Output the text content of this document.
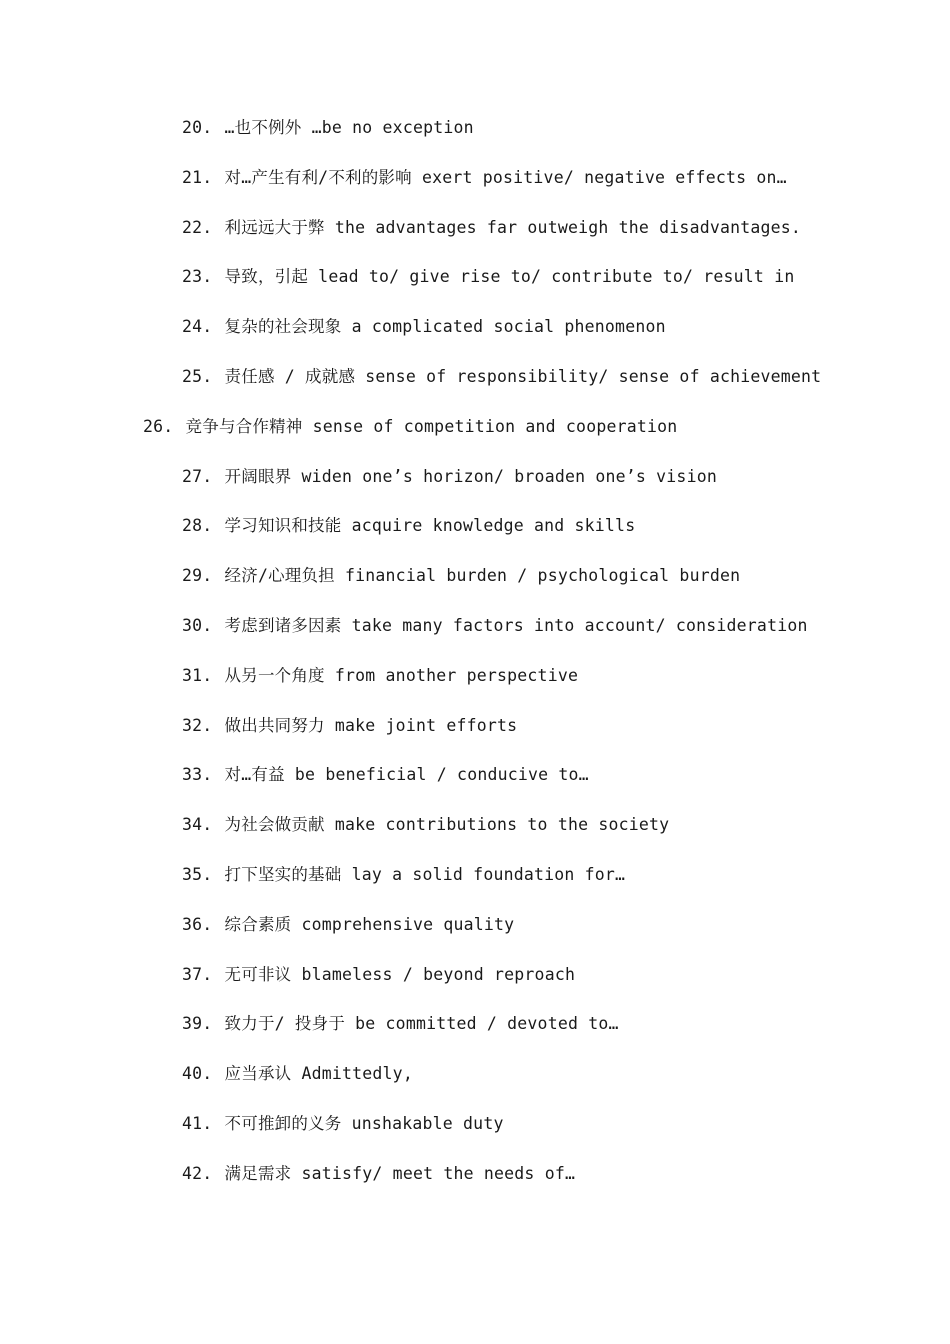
20. …也不例外 …be no exception
21. 对…产生有利/不利的影响 exert positive/ negative effects on…
22. 利远远大于弊 the advantages far outweigh the disadvantages.
23. 导致，引起 lead to/ give rise to/ contribute to/ result in
24. 复杂的社会现象 a complicated social phenomenon
25. 责任感 / 成就感 sense of responsibility/ sense of achievement
26. 竞争与合作精神 sense of competition and cooperation
27. 开阔眼界 widen one’s horizon/ broaden one’s vision
28. 学习知识和技能 acquire knowledge and skills
29. 经济/心理负担 financial burden / psychological burden
30. 考虑到诸多因素 take many factors into account/ consideration
31. 从另一个角度 from another perspective
32. 做出共同努力 make joint efforts
33. 对…有益 be beneficial / conducive to…
34. 为社会做贡献 make contributions to the society
35. 打下坚实的基础 lay a solid foundation for…
36. 综合素质 comprehensive quality
37. 无可非议 blameless / beyond reproach
39. 致力于/ 投身于 be committed / devoted to…
40. 应当承认 Admittedly,
41. 不可推卸的义务 unshakable duty
42. 满足需求 satisfy/ meet the needs of…
